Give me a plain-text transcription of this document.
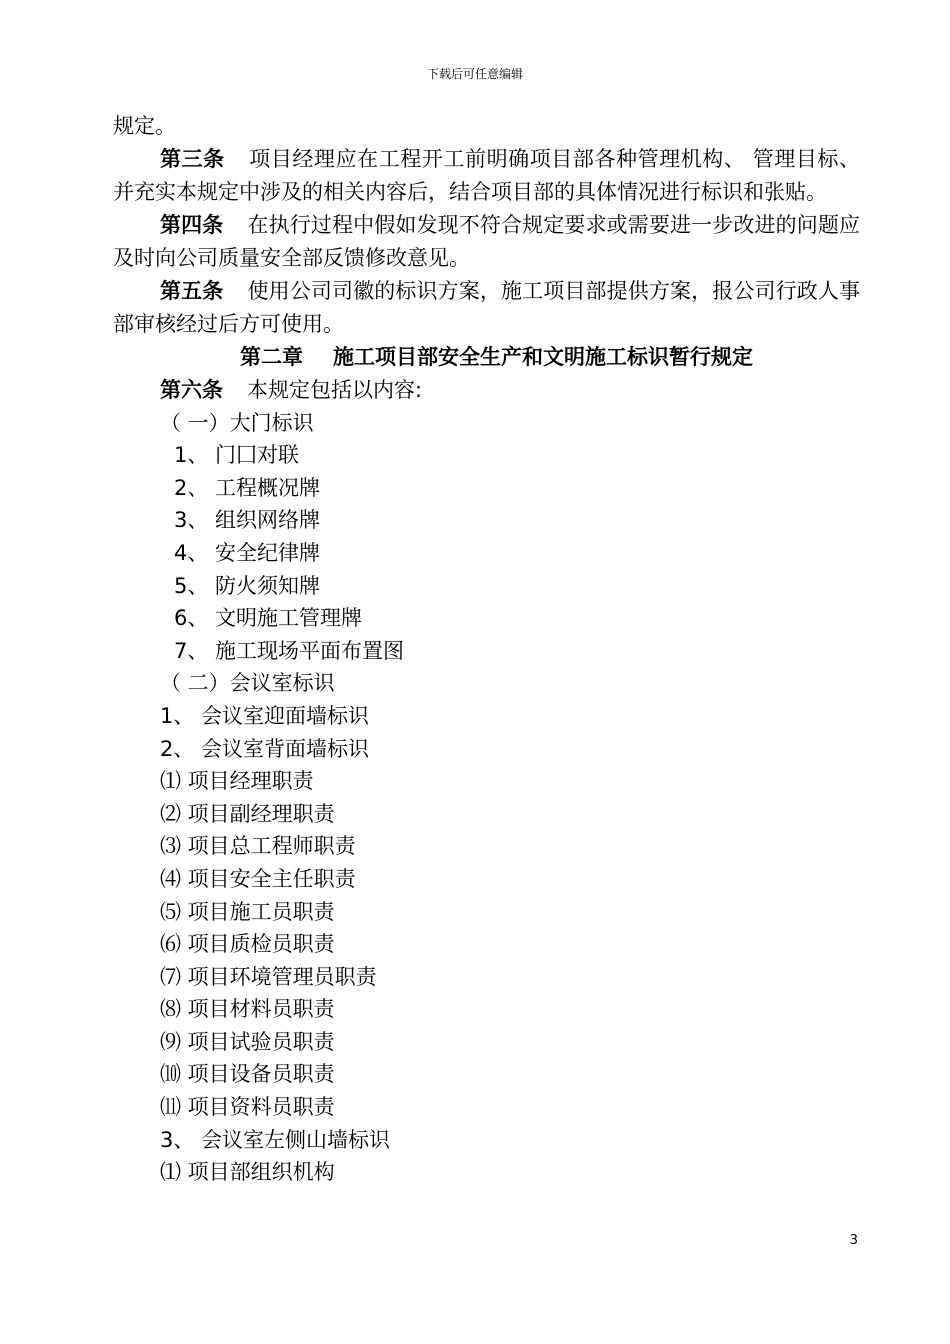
下载后可任意编辑
规定。
第三条 项目经理应在工程开工前明确项目部各种管理机构、 管理目标、 并充实本规定中涉及的相关内容后，结合项目部的具体情况进行标识和张贴。
第四条 在执行过程中假如发现不符合规定要求或需要进一步改进的问题应及时向公司质量安全部反馈修改意见。
第五条 使用公司司徽的标识方案，施工项目部提供方案，报公司行政人事部审核经过后方可使用。
第二章 施工项目部安全生产和文明施工标识暂行规定
第六条 本规定包括以内容:
（ 一）大门标识
1、 门囗对联
2、 工程概况牌
3、 组织网络牌
4、 安全纪律牌
5、 防火须知牌
6、 文明施工管理牌
7、 施工现场平面布置图
（ 二）会议室标识
1、 会议室迎面墙标识
2、 会议室背面墙标识
⑴ 项目经理职责
⑵ 项目副经理职责
⑶ 项目总工程师职责
⑷ 项目安全主任职责
⑸ 项目施工员职责
⑹ 项目质检员职责
⑺ 项目环境管理员职责
⑻ 项目材料员职责
⑼ 项目试验员职责
⑽ 项目设备员职责
⑾ 项目资料员职责
3、 会议室左侧山墙标识
⑴ 项目部组织机构
3
